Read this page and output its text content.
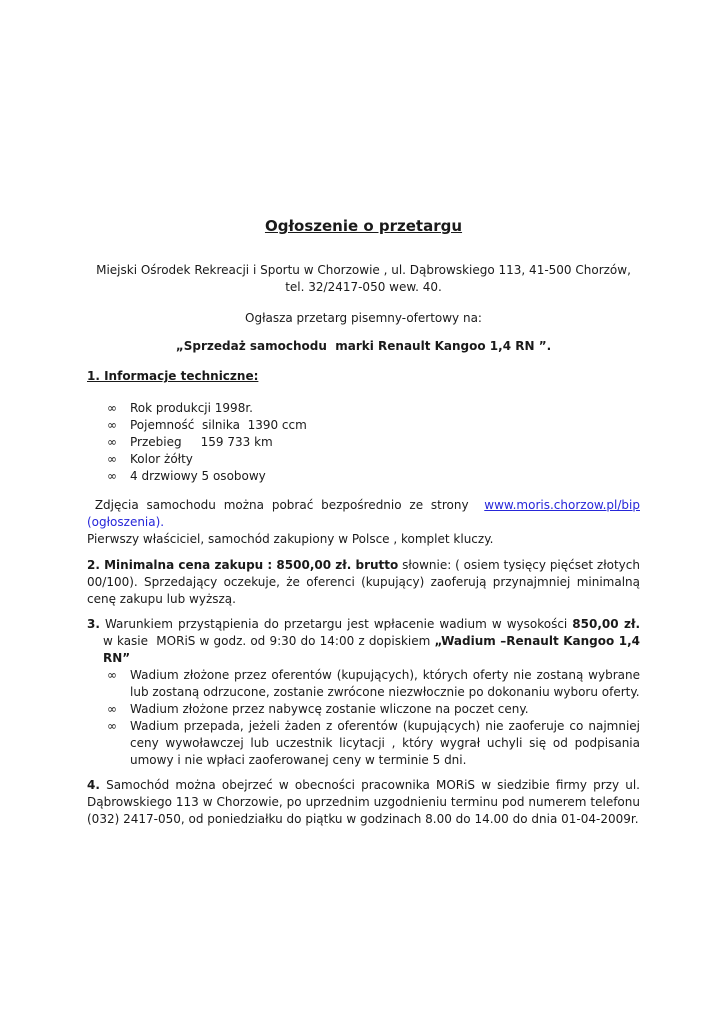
Ogłoszenie o przetargu
Miejski Ośrodek Rekreacji i Sportu w Chorzowie , ul. Dąbrowskiego 113, 41-500 Chorzów,
tel. 32/2417-050 wew. 40.
Ogłasza przetarg pisemny-ofertowy na:
„Sprzedaż samochodu  marki Renault Kangoo 1,4 RN ”.
1. Informacje techniczne:
∞	Rok produkcji 1998r.
∞	Pojemność  silnika  1390 ccm
∞	Przebieg     159 733 km
∞	Kolor żółty
∞	4 drzwiowy 5 osobowy
Zdjęcia samochodu można pobrać bezpośrednio ze strony  www.moris.chorzow.pl/bip (ogłoszenia).
Pierwszy właściciel, samochód zakupiony w Polsce , komplet kluczy.
2. Minimalna cena zakupu : 8500,00 zł. brutto słownie: ( osiem tysięcy pięćset złotych 00/100). Sprzedający oczekuje, że oferenci (kupujący) zaoferują przynajmniej minimalną cenę zakupu lub wyższą.
3. Warunkiem przystąpienia do przetargu jest wpłacenie wadium w wysokości 850,00 zł. w kasie  MORiS w godz. od 9:30 do 14:00 z dopiskiem „Wadium –Renault Kangoo 1,4 RN”
∞	Wadium złożone przez oferentów (kupujących), których oferty nie zostaną wybrane lub zostaną odrzucone, zostanie zwrócone niezwłocznie po dokonaniu wyboru oferty.
∞	Wadium złożone przez nabywcę zostanie wliczone na poczet ceny.
∞	Wadium przepada, jeżeli żaden z oferentów (kupujących) nie zaoferuje co najmniej ceny wywoławczej lub uczestnik licytacji , który wygrał uchyli się od podpisania umowy i nie wpłaci zaoferowanej ceny w terminie 5 dni.
4. Samochód można obejrzeć w obecności pracownika MORiS w siedzibie firmy przy ul. Dąbrowskiego 113 w Chorzowie, po uprzednim uzgodnieniu terminu pod numerem telefonu (032) 2417-050, od poniedziałku do piątku w godzinach 8.00 do 14.00 do dnia 01-04-2009r.
